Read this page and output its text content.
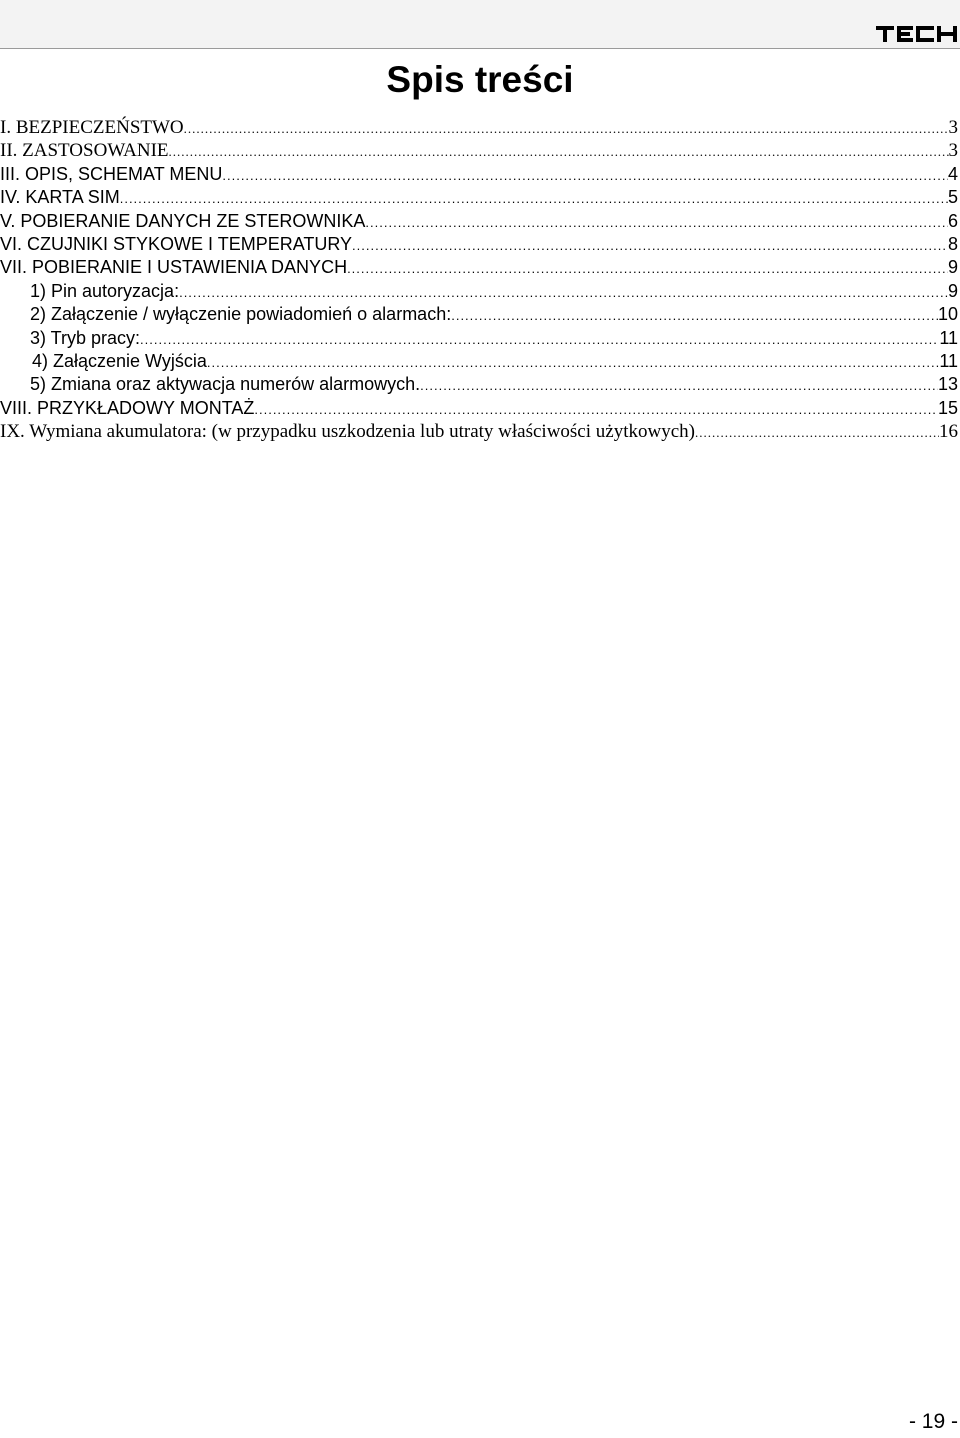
Spis treści
I. BEZPIECZEŃSTWO .....	3
II. ZASTOSOWANIE .....	3
III. OPIS, SCHEMAT MENU .....	4
IV. KARTA SIM .....	5
V. POBIERANIE DANYCH ZE STEROWNIKA .....	6
VI. CZUJNIKI STYKOWE I TEMPERATURY .....	8
VII. POBIERANIE I USTAWIENIA DANYCH .....	9
1) Pin autoryzacja: .....	9
2) Załączenie / wyłączenie powiadomień o alarmach: .....	10
3) Tryb pracy: .....	11
4) Załączenie Wyjścia .....	11
5) Zmiana oraz aktywacja numerów alarmowych. .....	13
VIII. PRZYKŁADOWY MONTAŻ .....	15
IX. Wymiana akumulatora: (w przypadku uszkodzenia lub utraty właściwości użytkowych) .....	16
- 19 -
